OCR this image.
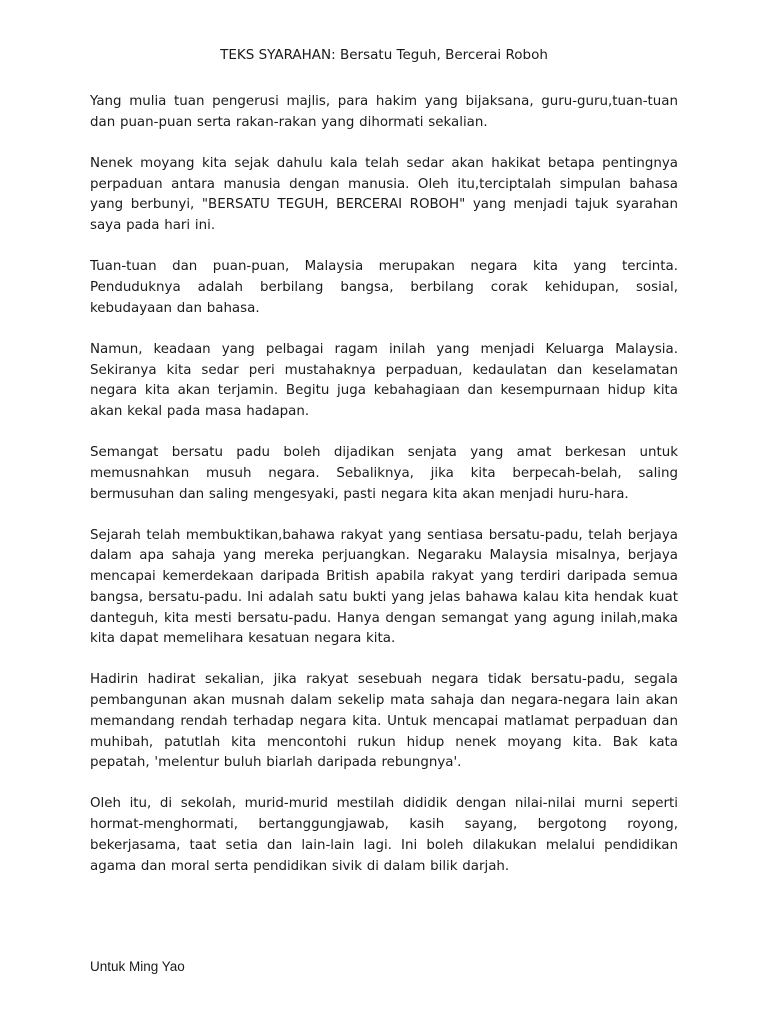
TEKS SYARAHAN: Bersatu Teguh, Bercerai Roboh

Yang mulia tuan pengerusi majlis, para hakim yang bijaksana, guru-guru,tuan-tuan dan puan-puan serta rakan-rakan yang dihormati sekalian.

Nenek moyang kita sejak dahulu kala telah sedar akan hakikat betapa pentingnya perpaduan antara manusia dengan manusia. Oleh itu,terciptalah simpulan bahasa yang berbunyi, "BERSATU TEGUH, BERCERAI ROBOH" yang menjadi tajuk syarahan saya pada hari ini.

Tuan-tuan dan puan-puan, Malaysia merupakan negara kita yang tercinta. Penduduknya adalah berbilang bangsa, berbilang corak kehidupan, sosial, kebudayaan dan bahasa.

Namun, keadaan yang pelbagai ragam inilah yang menjadi Keluarga Malaysia. Sekiranya kita sedar peri mustahaknya perpaduan, kedaulatan dan keselamatan negara kita akan terjamin. Begitu juga kebahagiaan dan kesempurnaan hidup kita akan kekal pada masa hadapan.

Semangat bersatu padu boleh dijadikan senjata yang amat berkesan untuk memusnahkan musuh negara. Sebaliknya, jika kita berpecah-belah, saling bermusuhan dan saling mengesyaki, pasti negara kita akan menjadi huru-hara.

Sejarah telah membuktikan,bahawa rakyat yang sentiasa bersatu-padu, telah berjaya dalam apa sahaja yang mereka perjuangkan. Negaraku Malaysia misalnya, berjaya mencapai kemerdekaan daripada British apabila rakyat yang terdiri daripada semua bangsa, bersatu-padu. Ini adalah satu bukti yang jelas bahawa kalau kita hendak kuat danteguh, kita mesti bersatu-padu. Hanya dengan semangat yang agung inilah,maka kita dapat memelihara kesatuan negara kita.

Hadirin hadirat sekalian, jika rakyat sesebuah negara tidak bersatu-padu, segala pembangunan akan musnah dalam sekelip mata sahaja dan negara-negara lain akan memandang rendah terhadap negara kita. Untuk mencapai matlamat perpaduan dan muhibah, patutlah kita mencontohi rukun hidup nenek moyang kita. Bak kata pepatah, 'melentur buluh biarlah daripada rebungnya'.

Oleh itu, di sekolah, murid-murid mestilah dididik dengan nilai-nilai murni seperti hormat-menghormati, bertanggungjawab, kasih sayang, bergotong royong, bekerjasama, taat setia dan lain-lain lagi. Ini boleh dilakukan melalui pendidikan agama dan moral serta pendidikan sivik di dalam bilik darjah.

Untuk Ming Yao
